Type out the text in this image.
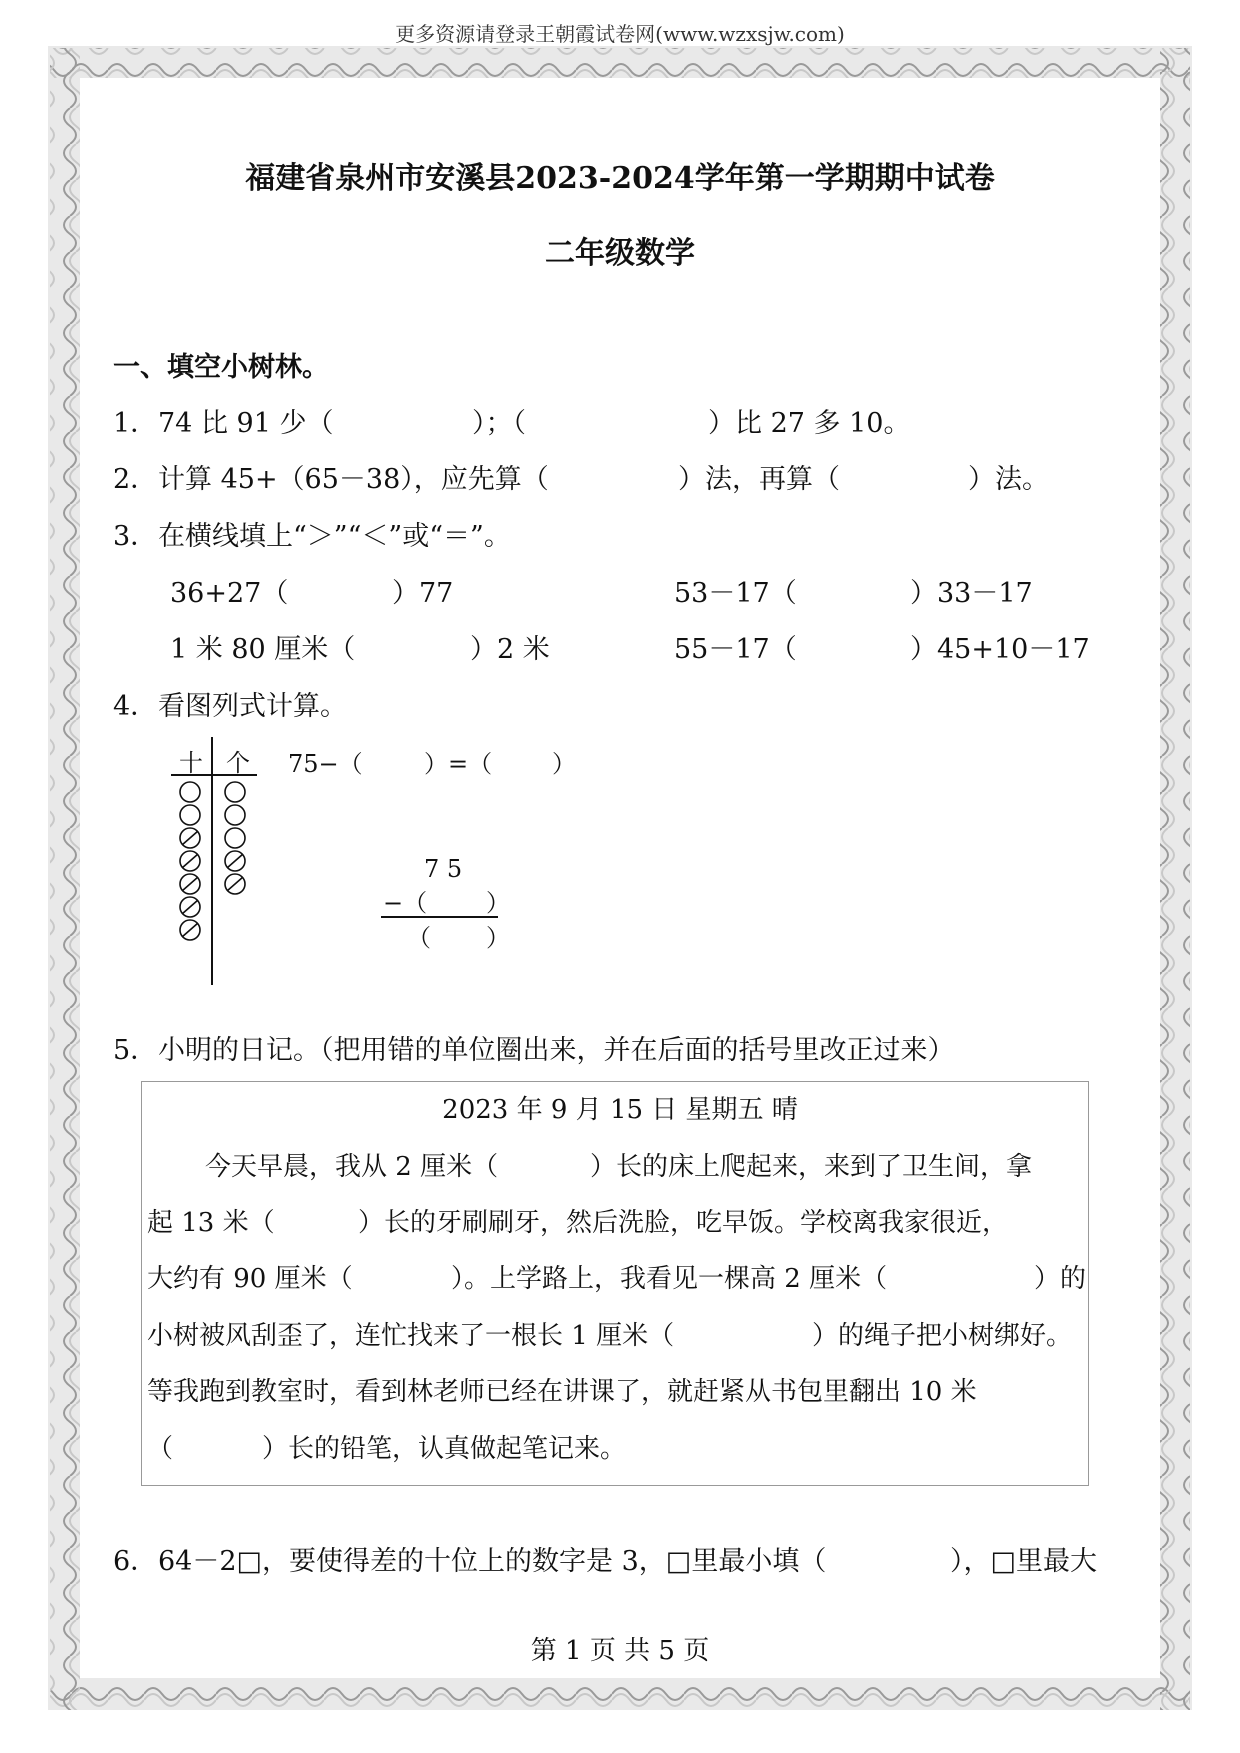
更多资源请登录王朝霞试卷网(www.wzxsjw.com)
福建省泉州市安溪县2023-2024学年第一学期期中试卷
二年级数学
一、填空小树林。
1． 74 比 91 少（	）；（	）比 27 多 10。
2． 计算 45+（65－38），应先算（	）法，再算（	）法。
3． 在横线填上“＞”“＜”或“＝”。
36+27（	）77	53－17（	）33－17
1 米 80 厘米（	）2 米	55－17（	）45+10－17
4． 看图列式计算。
十 个 75−（	）=（ ）
7 5
−（ ）
（ ）
5． 小明的日记。（把用错的单位圈出来，并在后面的括号里改正过来）
2023 年 9 月 15 日 星期五 晴
今天早晨，我从 2 厘米（	）长的床上爬起来，来到了卫生间，拿
起 13 米（	）长的牙刷刷牙，然后洗脸，吃早饭。学校离我家很近，
大约有 90 厘米（	）。上学路上，我看见一棵高 2 厘米（	）的
小树被风刮歪了，连忙找来了一根长 1 厘米（	）的绳子把小树绑好。
等我跑到教室时，看到林老师已经在讲课了，就赶紧从书包里翻出 10 米
（	）长的铅笔，认真做起笔记来。
6． 64－2□，要使得差的十位上的数字是 3，□里最小填（	），□里最大
第 1 页 共 5 页
